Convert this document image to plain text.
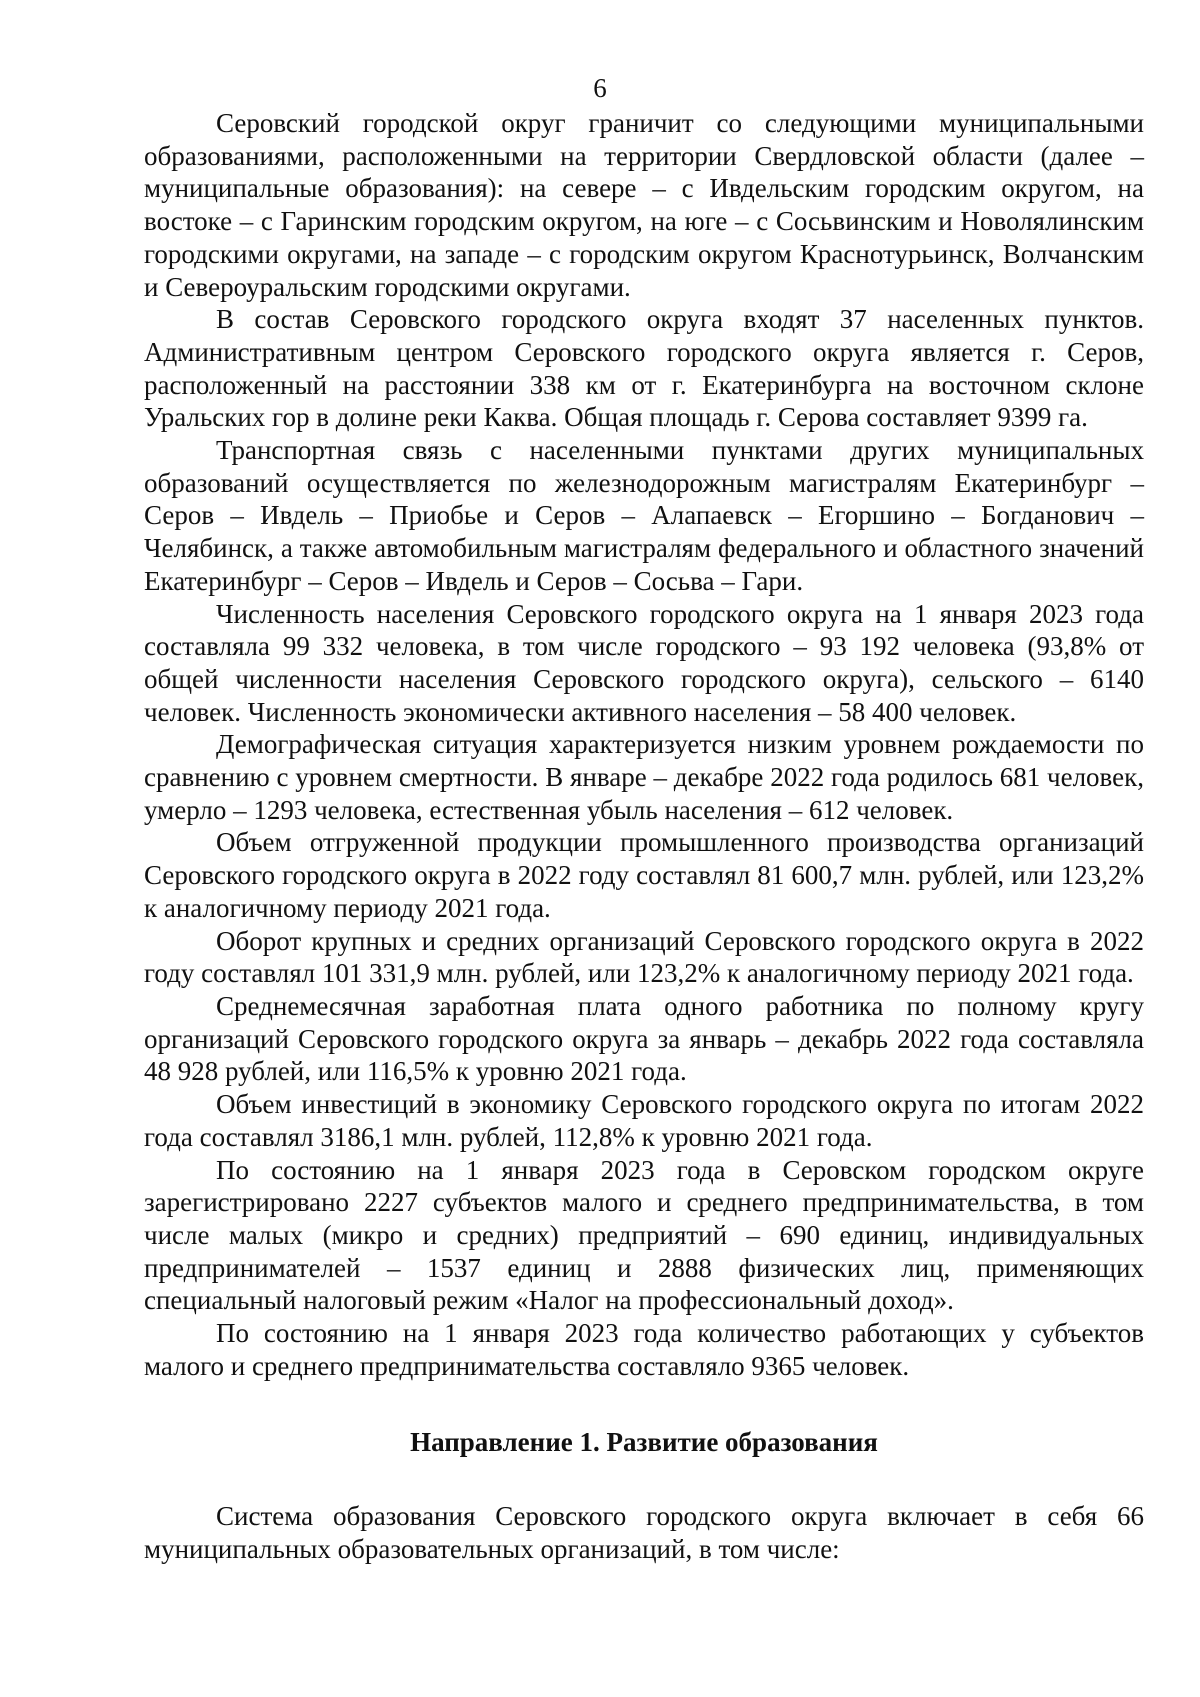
6

Серовский городской округ граничит со следующими муниципальными образованиями, расположенными на территории Свердловской области (далее – муниципальные образования): на севере – с Ивдельским городским округом, на востоке – с Гаринским городским округом, на юге – с Сосьвинским и Новолялинским городскими округами, на западе – с городским округом Краснотурьинск, Волчанским и Североуральским городскими округами.

В состав Серовского городского округа входят 37 населенных пунктов. Административным центром Серовского городского округа является г. Серов, расположенный на расстоянии 338 км от г. Екатеринбурга на восточном склоне Уральских гор в долине реки Каква. Общая площадь г. Серова составляет 9399 га.

Транспортная связь с населенными пунктами других муниципальных образований осуществляется по железнодорожным магистралям Екатеринбург – Серов – Ивдель – Приобье и Серов – Алапаевск – Егоршино – Богданович – Челябинск, а также автомобильным магистралям федерального и областного значений Екатеринбург – Серов – Ивдель и Серов – Сосьва – Гари.

Численность населения Серовского городского округа на 1 января 2023 года составляла 99 332 человека, в том числе городского – 93 192 человека (93,8% от общей численности населения Серовского городского округа), сельского – 6140 человек. Численность экономически активного населения – 58 400 человек.

Демографическая ситуация характеризуется низким уровнем рождаемости по сравнению с уровнем смертности. В январе – декабре 2022 года родилось 681 человек, умерло – 1293 человека, естественная убыль населения – 612 человек.

Объем отгруженной продукции промышленного производства организаций Серовского городского округа в 2022 году составлял 81 600,7 млн. рублей, или 123,2% к аналогичному периоду 2021 года.

Оборот крупных и средних организаций Серовского городского округа в 2022 году составлял 101 331,9 млн. рублей, или 123,2% к аналогичному периоду 2021 года.

Среднемесячная заработная плата одного работника по полному кругу организаций Серовского городского округа за январь – декабрь 2022 года составляла 48 928 рублей, или 116,5% к уровню 2021 года.

Объем инвестиций в экономику Серовского городского округа по итогам 2022 года составлял 3186,1 млн. рублей, 112,8% к уровню 2021 года.

По состоянию на 1 января 2023 года в Серовском городском округе зарегистрировано 2227 субъектов малого и среднего предпринимательства, в том числе малых (микро и средних) предприятий – 690 единиц, индивидуальных предпринимателей – 1537 единиц и 2888 физических лиц, применяющих специальный налоговый режим «Налог на профессиональный доход».

По состоянию на 1 января 2023 года количество работающих у субъектов малого и среднего предпринимательства составляло 9365 человек.

Направление 1. Развитие образования

Система образования Серовского городского округа включает в себя 66 муниципальных образовательных организаций, в том числе:
